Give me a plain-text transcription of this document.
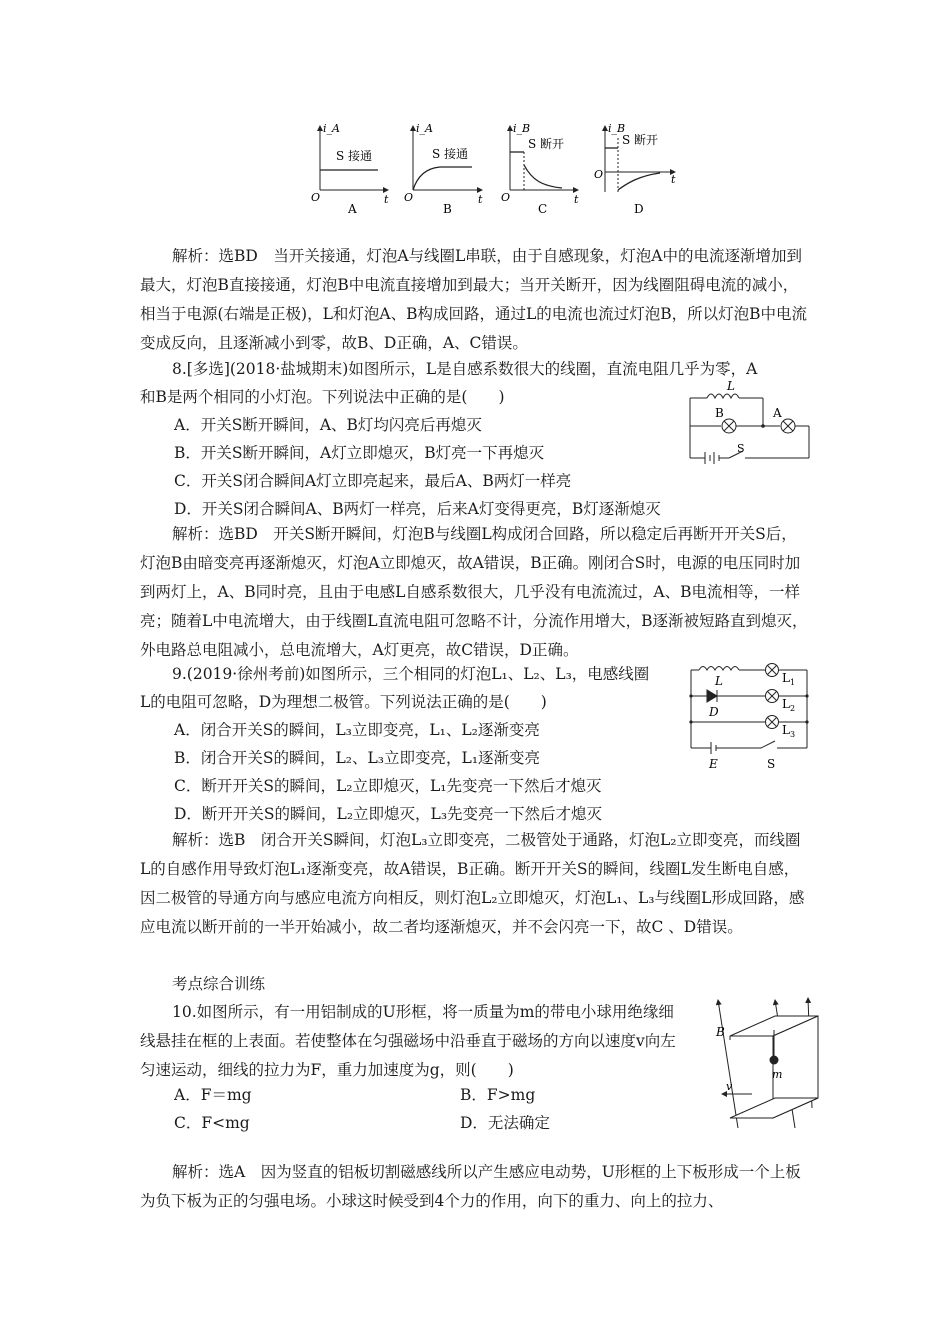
i_A
S 接通
O	t
A
i_A
S 接通
O	t
B
i_B
S 断开
O	t
C
i_B
S 断开
O	t
D
解析：选BD　当开关接通，灯泡A与线圈L串联，由于自感现象，灯泡A中的电流逐渐增加到最大，灯泡B直接接通，灯泡B中电流直接增加到最大；当开关断开，因为线圈阻碍电流的减小，相当于电源(右端是正极)，L和灯泡A、B构成回路，通过L的电流也流过灯泡B，所以灯泡B中电流变成反向，且逐渐减小到零，故B、D正确，A、C错误。
8.[多选](2018·盐城期末)如图所示，L是自感系数很大的线圈，直流电阻几乎为零，A
和B是两个相同的小灯泡。下列说法中正确的是(　　)
A．开关S断开瞬间，A、B灯均闪亮后再熄灭
B．开关S断开瞬间，A灯立即熄灭，B灯亮一下再熄灭
C．开关S闭合瞬间A灯立即亮起来，最后A、B两灯一样亮
D．开关S闭合瞬间A、B两灯一样亮，后来A灯变得更亮，B灯逐渐熄灭
L
B	A
S
解析：选BD　开关S断开瞬间，灯泡B与线圈L构成闭合回路，所以稳定后再断开开关S后，灯泡B由暗变亮再逐渐熄灭，灯泡A立即熄灭，故A错误，B正确。刚闭合S时，电源的电压同时加到两灯上，A、B同时亮，且由于电感L自感系数很大，几乎没有电流流过，A、B电流相等，一样亮；随着L中电流增大，由于线圈L直流电阻可忽略不计，分流作用增大，B逐渐被短路直到熄灭，外电路总电阻减小，总电流增大，A灯更亮，故C错误，D正确。
9.(2019·徐州考前)如图所示，三个相同的灯泡L₁、L₂、L₃，电感线圈
L的电阻可忽略，D为理想二极管。下列说法正确的是(　　)
A．闭合开关S的瞬间，L₃立即变亮，L₁、L₂逐渐变亮
B．闭合开关S的瞬间，L₂、L₃立即变亮，L₁逐渐变亮
C．断开开关S的瞬间，L₂立即熄灭，L₁先变亮一下然后才熄灭
D．断开开关S的瞬间，L₂立即熄灭，L₃先变亮一下然后才熄灭
L
D
E	S
L 1
L 2
L 3
解析：选B　闭合开关S瞬间，灯泡L₃立即变亮，二极管处于通路，灯泡L₂立即变亮，而线圈L的自感作用导致灯泡L₁逐渐变亮，故A错误，B正确。断开开关S的瞬间，线圈L发生断电自感，因二极管的导通方向与感应电流方向相反，则灯泡L₂立即熄灭，灯泡L₁、L₃与线圈L形成回路，感应电流以断开前的一半开始减小，故二者均逐渐熄灭，并不会闪亮一下，故C 、D错误。
考点综合训练
10.如图所示，有一用铝制成的U形框，将一质量为m的带电小球用绝缘细线悬挂在框的上表面。若使整体在匀强磁场中沿垂直于磁场的方向以速度v向左匀速运动，细线的拉力为F，重力加速度为g，则(　　)
A．F＝mg	B．F>mg
C．F<mg	D．无法确定
B
v
m
解析：选A　因为竖直的铝板切割磁感线所以产生感应电动势，U形框的上下板形成一个上板为负下板为正的匀强电场。小球这时候受到4个力的作用，向下的重力、向上的拉力、
